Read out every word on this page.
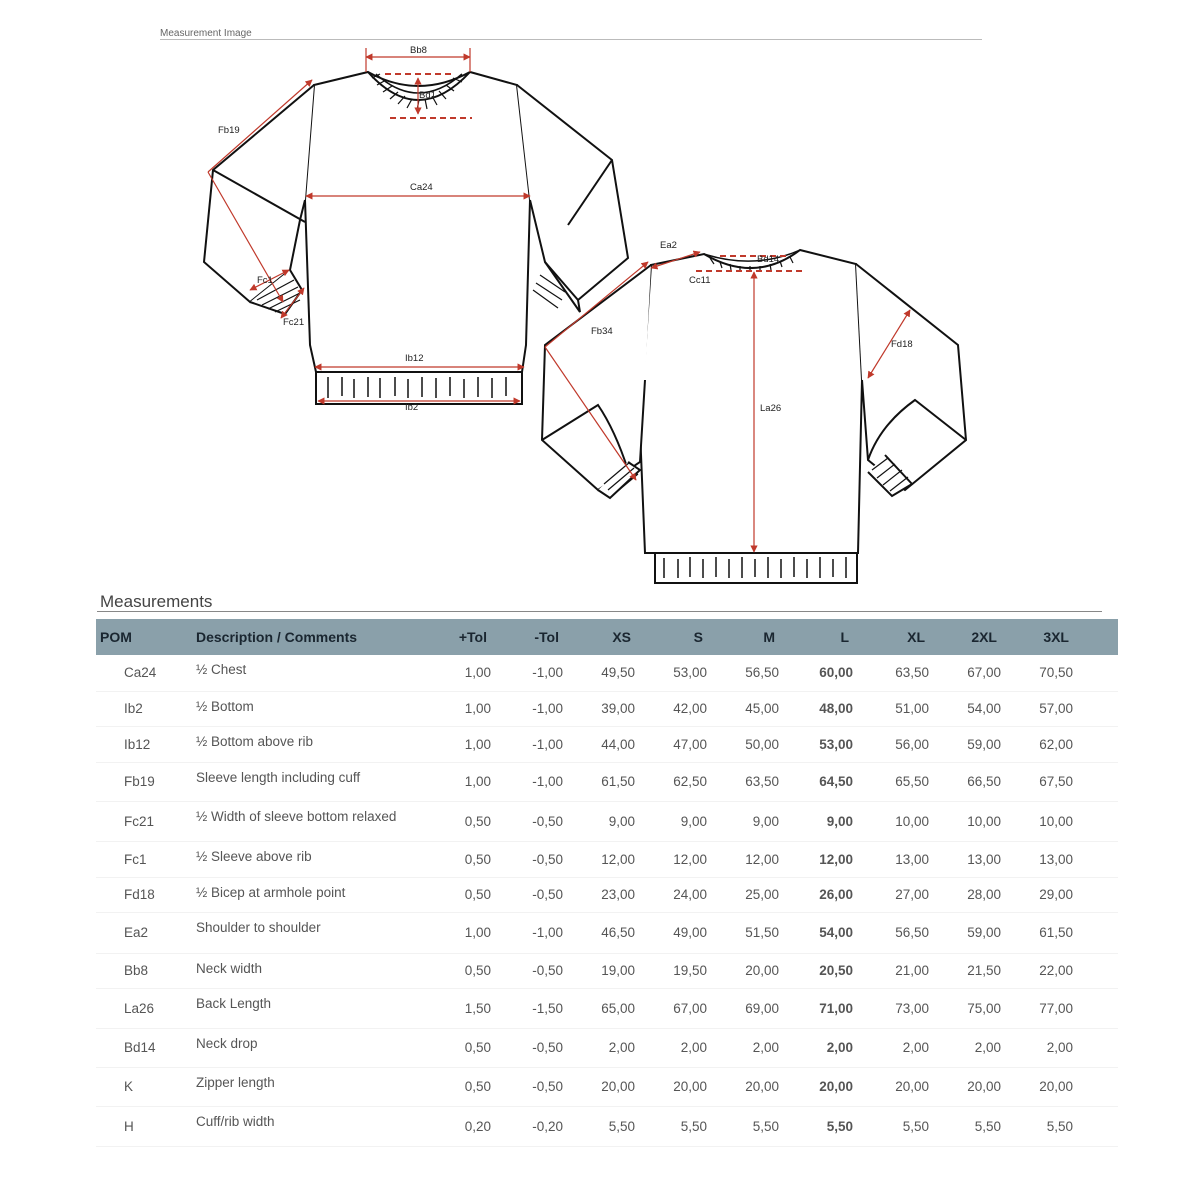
Measurement Image
Bb8
Bd1
Fb19
Ca24
Fc1
Fc21
Ib12
Ib2
Ea2
Bd14
Cc11
Fb34
Fd18
La26
Measurements
POM	Description / Comments	+Tol	-Tol	XS	S	M	L	XL	2XL	3XL	
Ca24	½ Chest	1,00	-1,00	49,50	53,00	56,50	60,00	63,50	67,00	70,50	
Ib2	½ Bottom	1,00	-1,00	39,00	42,00	45,00	48,00	51,00	54,00	57,00	
Ib12	½ Bottom above rib	1,00	-1,00	44,00	47,00	50,00	53,00	56,00	59,00	62,00	
Fb19	Sleeve length including cuff	1,00	-1,00	61,50	62,50	63,50	64,50	65,50	66,50	67,50	
Fc21	½ Width of sleeve bottom relaxed	0,50	-0,50	9,00	9,00	9,00	9,00	10,00	10,00	10,00	
Fc1	½ Sleeve above rib	0,50	-0,50	12,00	12,00	12,00	12,00	13,00	13,00	13,00	
Fd18	½ Bicep at armhole point	0,50	-0,50	23,00	24,00	25,00	26,00	27,00	28,00	29,00	
Ea2	Shoulder to shoulder	1,00	-1,00	46,50	49,00	51,50	54,00	56,50	59,00	61,50	
Bb8	Neck width	0,50	-0,50	19,00	19,50	20,00	20,50	21,00	21,50	22,00	
La26	Back Length	1,50	-1,50	65,00	67,00	69,00	71,00	73,00	75,00	77,00	
Bd14	Neck drop	0,50	-0,50	2,00	2,00	2,00	2,00	2,00	2,00	2,00	
K	Zipper length	0,50	-0,50	20,00	20,00	20,00	20,00	20,00	20,00	20,00	
H	Cuff/rib width	0,20	-0,20	5,50	5,50	5,50	5,50	5,50	5,50	5,50	
